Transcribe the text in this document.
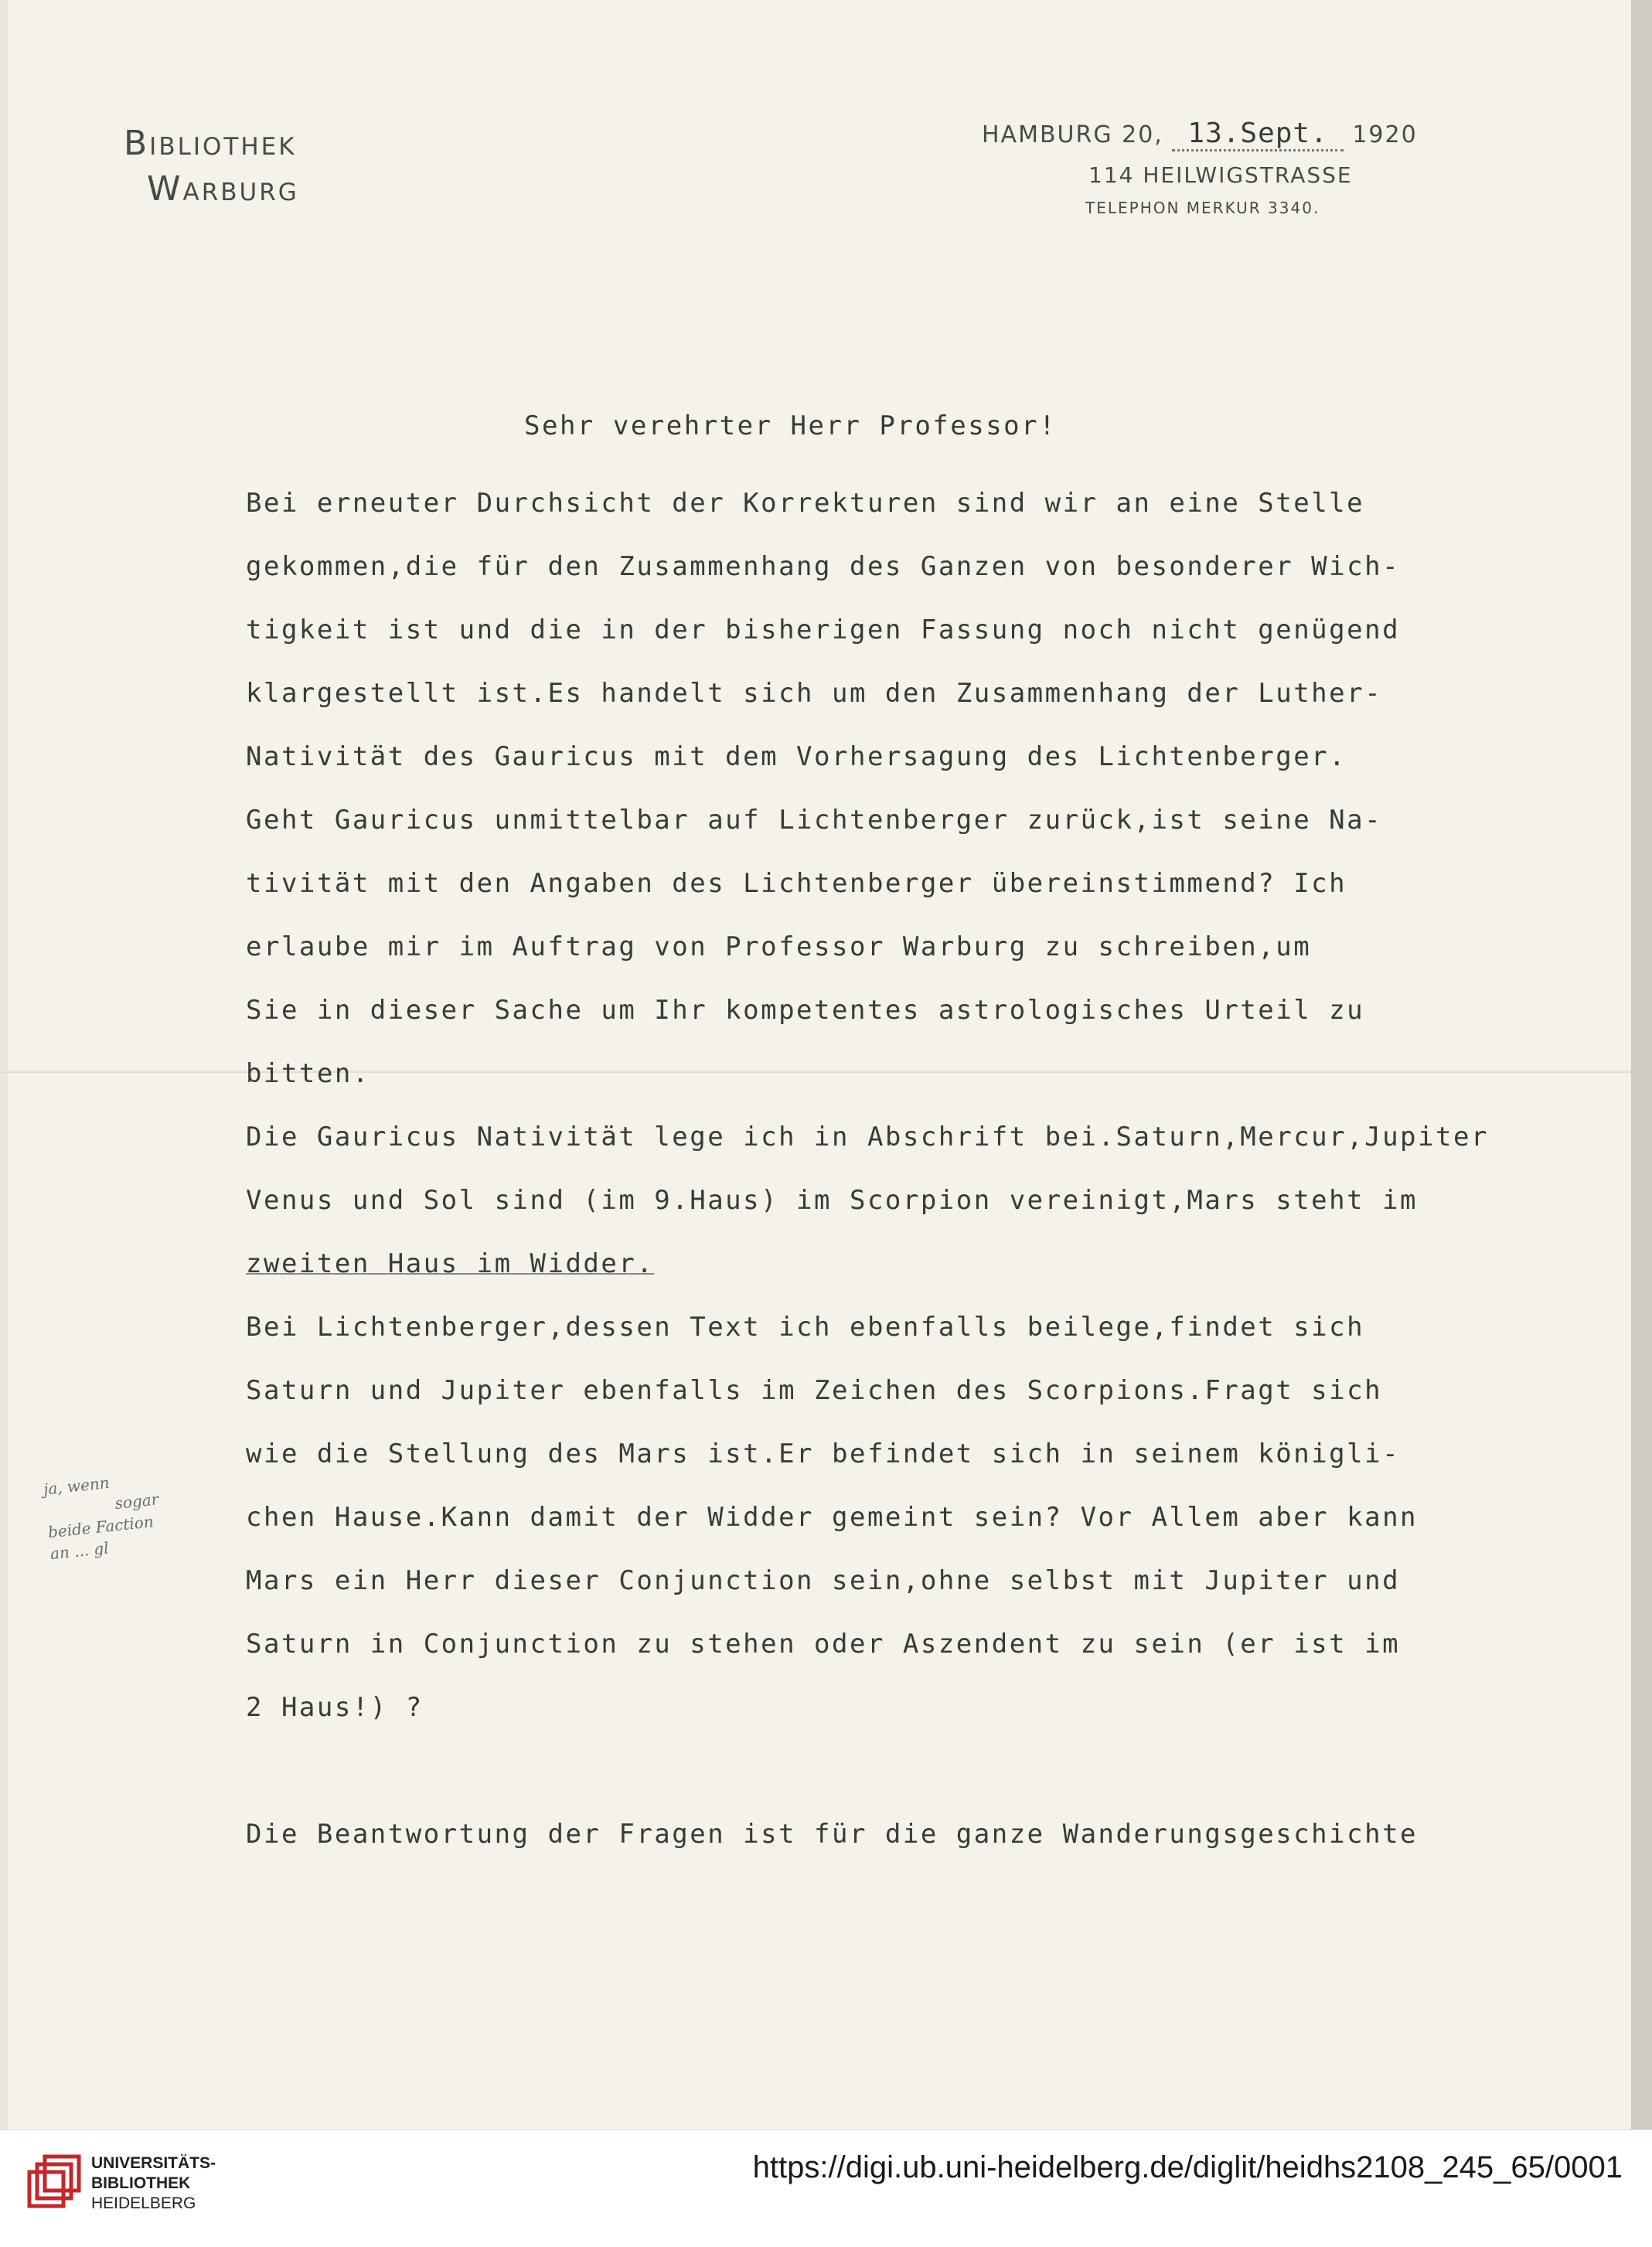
Bibliothek
Warburg
HAMBURG 20, 13.Sept. 1920
114 HEILWIGSTRASSE
TELEPHON MERKUR 3340.
Sehr verehrter Herr Professor!
Bei erneuter Durchsicht der Korrekturen sind wir an eine Stelle
gekommen,die für den Zusammenhang des Ganzen von besonderer Wich-
tigkeit ist und die in der bisherigen Fassung noch nicht genügend
klargestellt ist.Es handelt sich um den Zusammenhang der Luther-
Nativität des Gauricus mit dem Vorhersagung des Lichtenberger.
Geht Gauricus unmittelbar auf Lichtenberger zurück,ist seine Na-
tivität mit den Angaben des Lichtenberger übereinstimmend? Ich
erlaube mir im Auftrag von Professor Warburg zu schreiben,um
Sie in dieser Sache um Ihr kompetentes astrologisches Urteil zu
bitten.
Die Gauricus Nativität lege ich in Abschrift bei.Saturn,Mercur,Jupiter
Venus und Sol sind (im 9.Haus) im Scorpion vereinigt,Mars steht im
zweiten Haus im Widder.
Bei Lichtenberger,dessen Text ich ebenfalls beilege,findet sich
Saturn und Jupiter ebenfalls im Zeichen des Scorpions.Fragt sich
wie die Stellung des Mars ist.Er befindet sich in seinem königli-
chen Hause.Kann damit der Widder gemeint sein? Vor Allem aber kann
Mars ein Herr dieser Conjunction sein,ohne selbst mit Jupiter und
Saturn in Conjunction zu stehen oder Aszendent zu sein (er ist im
2 Haus!) ?
Die Beantwortung der Fragen ist für die ganze Wanderungsgeschichte
ja, wenn
sogar
beide Faction
an ... gl
UNIVERSITÄTS-
BIBLIOTHEK
HEIDELBERG
https://digi.ub.uni-heidelberg.de/diglit/heidhs2108_245_65/0001
